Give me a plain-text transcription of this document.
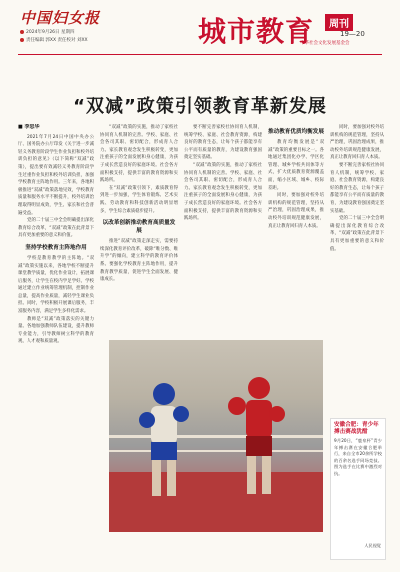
中国妇女报
2024年9月26日 星期四
责任编辑 郭XX 责任校对 刘XX	城市教育	周刊
19—20
中华社会文化发展基金会
“双减”政策引领教育革新发展

■ 李思华

2021年7月24日中国中央办公厅、国务院办公厅印发《关于进一步减轻义务教育阶段学生作业负担和校外培训负担的意见》（以下简称“双减”政策），提出要有效减轻义务教育阶段学生过重作业负担和校外培训负担，加强学校教育主阵地作用。三年来，各地积极推进“双减”政策落地见效，学校教育质量和服务水平不断提升，校外培训治理取得明显成效，学生、家长和社会普遍受益。

党的二十届三中全会明确提出深化教育综合改革，“双减”政策在此背景下具有更加重要的意义和价值。

坚持学校教育主阵地作用

学校是教育教学的主阵地。“双减”政策实施以来，各地学校不断提升课堂教学质量，优化作业设计，拓展课后服务，让学生在校内学足学好。学校通过建立作业统筹管理机制，控制作业总量，提高作业质量，减轻学生课业负担。同时，学校积极开展课后服务，丰富服务内容，满足学生多样化需求。

教师是“双减”政策落实的关键力量。各地加强教师队伍建设，提升教师专业能力，引导教师树立科学的教育观、人才观和质量观。

“双减”政策的实施，推动了家校社协同育人机制的完善。学校、家庭、社会各司其职、密切配合，形成育人合力。家长教育观念发生积极转变，更加注重孩子的全面发展和身心健康，为孩子成长营造良好的家庭环境。社会各方面积极支持，提供丰富的教育资源和实践场所。

在“双减”政策引领下，素质教育得到进一步加强，学生体育锻炼、艺术实践、劳动教育和科技创新活动明显增多，学生综合素质稳步提升。

以改革创新推动教育高质量发展

推进“双减”政策走深走实，需要持续深化教育评价改革，破除“唯分数、唯升学”的倾向，建立科学的教育评价体系。要强化学校教育主阵地作用，提升教育教学质量，促进学生全面发展、健康成长。

要不断完善家校社协同育人机制，统筹学校、家庭、社会教育资源，构建良好的教育生态，让每个孩子都能享有公平而有质量的教育，为建设教育强国奠定坚实基础。

“双减”政策的实施，推动了家校社协同育人机制的完善。学校、家庭、社会各司其职、密切配合，形成育人合力。家长教育观念发生积极转变，更加注重孩子的全面发展和身心健康，为孩子成长营造良好的家庭环境。社会各方面积极支持，提供丰富的教育资源和实践场所。

推动教育优质均衡发展

教育均衡发展是“双减”政策的重要目标之一。各地通过集团化办学、学区化管理、城乡学校共同体等方式，扩大优质教育资源覆盖面，缩小区域、城乡、校际差距。

同时，要加强对校外培训机构的规范管理，坚持从严治理，巩固治理成果，推动校外培训规范健康发展，真正让教育回归育人本质。

同时，要加强对校外培训机构的规范管理，坚持从严治理，巩固治理成果，推动校外培训规范健康发展，真正让教育回归育人本质。

要不断完善家校社协同育人机制，统筹学校、家庭、社会教育资源，构建良好的教育生态，让每个孩子都能享有公平而有质量的教育，为建设教育强国奠定坚实基础。

党的二十届三中全会明确提出深化教育综合改革，“双减”政策在此背景下具有更加重要的意义和价值。

安徽合肥：青少年搏击赛战犹酣
9月20日，“鹿泉杯”青少年搏击赛在安徽合肥举行，来自全市20余所学校的百余名选手同场竞技。图为选手在比赛中激烈对抗。
人民视觉
